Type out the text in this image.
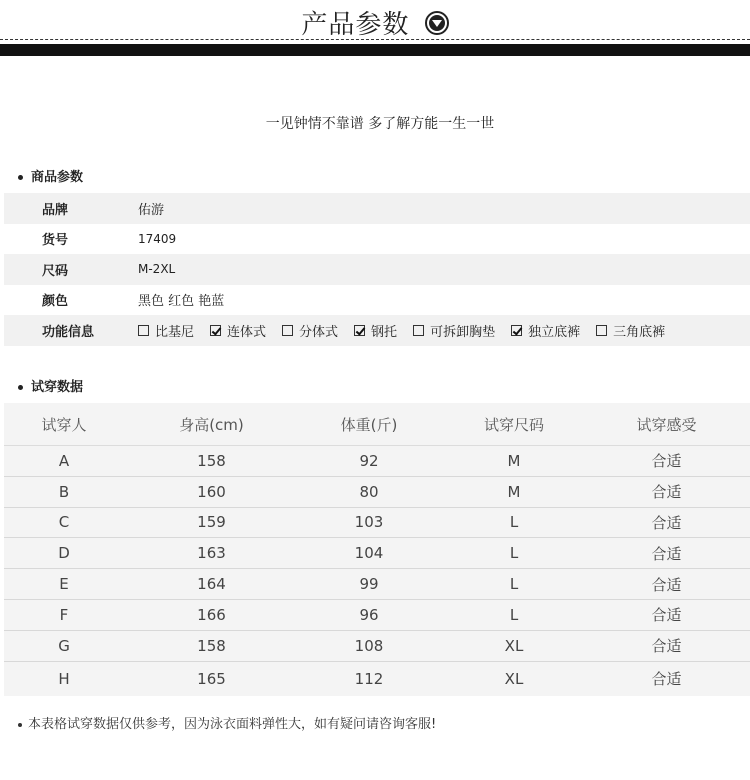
产品参数
一见钟情不靠谱 多了解方能一生一世
商品参数
品牌	佑游
货号	17409
尺码	M-2XL
颜色	黑色 红色 艳蓝
功能信息	比基尼	连体式	分体式	钢托	可拆卸胸垫	独立底裤	三角底裤
试穿数据
试穿人	身高(cm)	体重(斤)	试穿尺码	试穿感受
A	158	92	M	合适
B	160	80	M	合适
C	159	103	L	合适
D	163	104	L	合适
E	164	99	L	合适
F	166	96	L	合适
G	158	108	XL	合适
H	165	112	XL	合适
本表格试穿数据仅供参考，因为泳衣面料弹性大，如有疑问请咨询客服!
